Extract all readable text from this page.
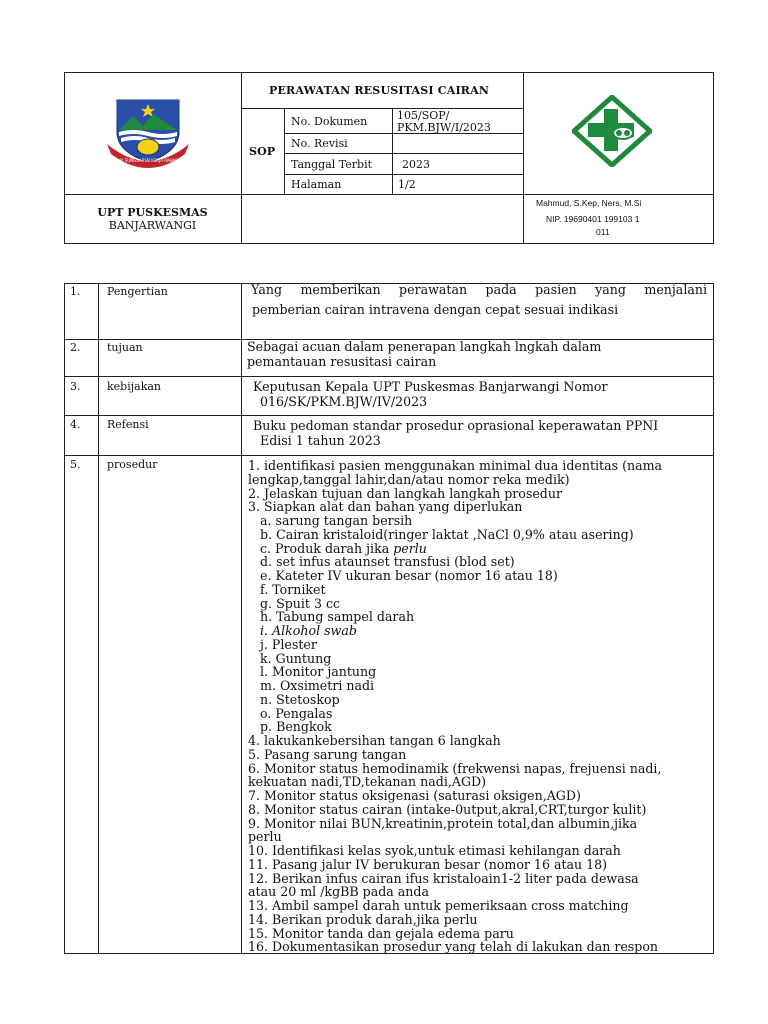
SARI SUNGSARSN KERJA RAHARJA
PERAWATAN RESUSITASI CAIRAN
SOP
No. Dokumen	105/SOP/
PKM.BJW/I/2023
No. Revisi
Tanggal Terbit	2023
Halaman	1/2
UPT PUSKESMAS
BANJARWANGI
Mahmud, S.Kep, Ners, M.Si
NIP. 19690401 199103 1
011
1. Pengertian	Yang memberikan perawatan pada pasien yang menjalani
pemberian cairan intravena dengan cepat sesuai indikasi
2. tujuan	Sebagai acuan dalam penerapan langkah lngkah dalam
pemantauan resusitasi cairan
3. kebijakan	Keputusan Kepala UPT Puskesmas Banjarwangi Nomor
016/SK/PKM.BJW/IV/2023
4. Refensi	Buku pedoman standar prosedur oprasional keperawatan PPNI
Edisi 1 tahun 2023
5. prosedur	1. identifikasi pasien menggunakan minimal dua identitas (nama
lengkap,tanggal lahir,dan/atau nomor reka medik)
2. Jelaskan tujuan dan langkah langkah prosedur
3. Siapkan alat dan bahan yang diperlukan
a. sarung tangan bersih
b. Cairan kristaloid(ringer laktat ,NaCl 0,9% atau asering)
c. Produk darah jika perlu
d. set infus ataunset transfusi (blod set)
e. Kateter IV ukuran besar (nomor 16 atau 18)
f. Torniket
g. Spuit 3 cc
h. Tabung sampel darah
i. Alkohol swab
j. Plester
k. Guntung
l. Monitor jantung
m. Oxsimetri nadi
n. Stetoskop
o. Pengalas
p. Bengkok
4. lakukankebersihan tangan 6 langkah
5. Pasang sarung tangan
6. Monitor status hemodinamik (frekwensi napas, frejuensi nadi,
kekuatan nadi,TD,tekanan nadi,AGD)
7. Monitor status oksigenasi (saturasi oksigen,AGD)
8. Monitor status cairan (intake-0utput,akral,CRT,turgor kulit)
9. Monitor nilai BUN,kreatinin,protein total,dan albumin,jika
perlu
10. Identifikasi kelas syok,untuk etimasi kehilangan darah
11. Pasang jalur IV berukuran besar (nomor 16 atau 18)
12. Berikan infus cairan ifus kristaloain1-2 liter pada dewasa
atau 20 ml /kgBB pada anda
13. Ambil sampel darah untuk pemeriksaan cross matching
14. Berikan produk darah,jika perlu
15. Monitor tanda dan gejala edema paru
16. Dokumentasikan prosedur yang telah di lakukan dan respon
